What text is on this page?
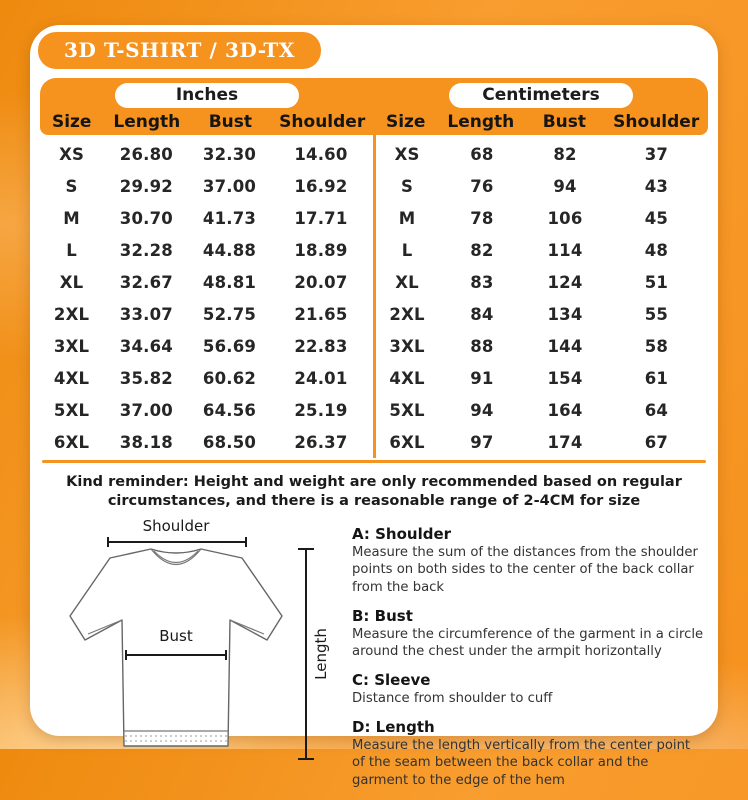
3D T-SHIRT / 3D-TX
Inches
Size	Length	Bust	Shoulder
Centimeters
Size	Length	Bust	Shoulder
XS	26.80	32.30	14.60
S	29.92	37.00	16.92
M	30.70	41.73	17.71
L	32.28	44.88	18.89
XL	32.67	48.81	20.07
2XL	33.07	52.75	21.65
3XL	34.64	56.69	22.83
4XL	35.82	60.62	24.01
5XL	37.00	64.56	25.19
6XL	38.18	68.50	26.37
XS	68	82	37
S	76	94	43
M	78	106	45
L	82	114	48
XL	83	124	51
2XL	84	134	55
3XL	88	144	58
4XL	91	154	61
5XL	94	164	64
6XL	97	174	67
Kind reminder: Height and weight are only recommended based on regular circumstances, and there is a reasonable range of 2-4CM for size
Shoulder
Bust	Length
A: Shoulder
Measure the sum of the distances from the shoulder points on both sides to the center of the back collar from the back
B: Bust
Measure the circumference of the garment in a circle around the chest under the armpit horizontally
C: Sleeve
Distance from shoulder to cuff
D: Length
Measure the length vertically from the center point of the seam between the back collar and the garment to the edge of the hem
